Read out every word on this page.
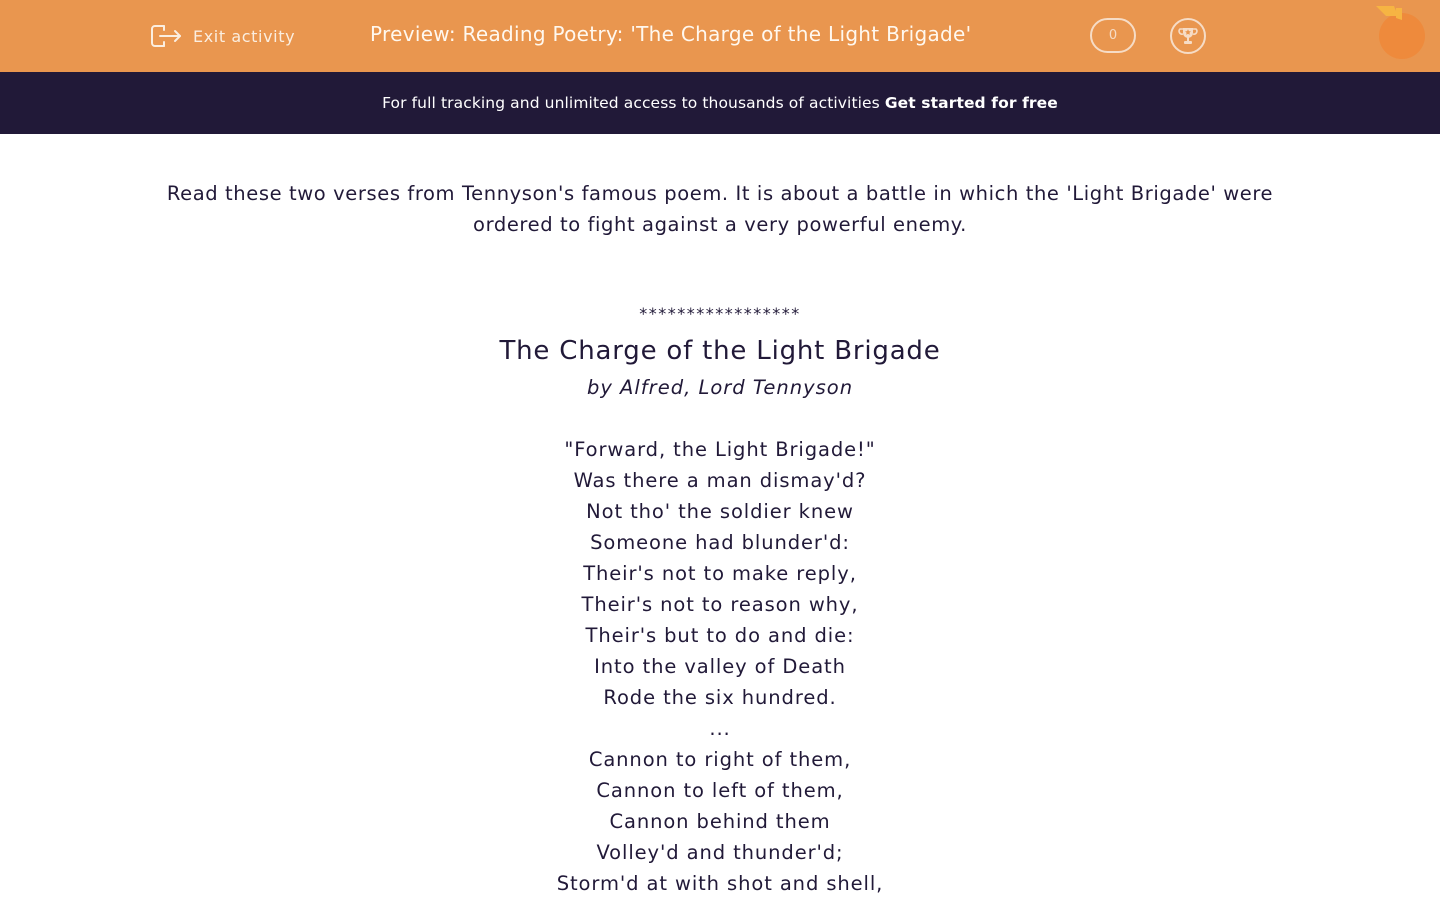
Exit activity	Preview: Reading Poetry: 'The Charge of the Light Brigade'	0
For full tracking and unlimited access to thousands of activities Get started for free
Read these two verses from Tennyson's famous poem. It is about a battle in which the 'Light Brigade' were ordered to fight against a very powerful enemy.
*****************
The Charge of the Light Brigade
by Alfred, Lord Tennyson
"Forward, the Light Brigade!"
Was there a man dismay'd?
Not tho' the soldier knew
Someone had blunder'd:
Their's not to make reply,
Their's not to reason why,
Their's but to do and die:
Into the valley of Death
Rode the six hundred.
...
Cannon to right of them,
Cannon to left of them,
Cannon behind them
Volley'd and thunder'd;
Storm'd at with shot and shell,
